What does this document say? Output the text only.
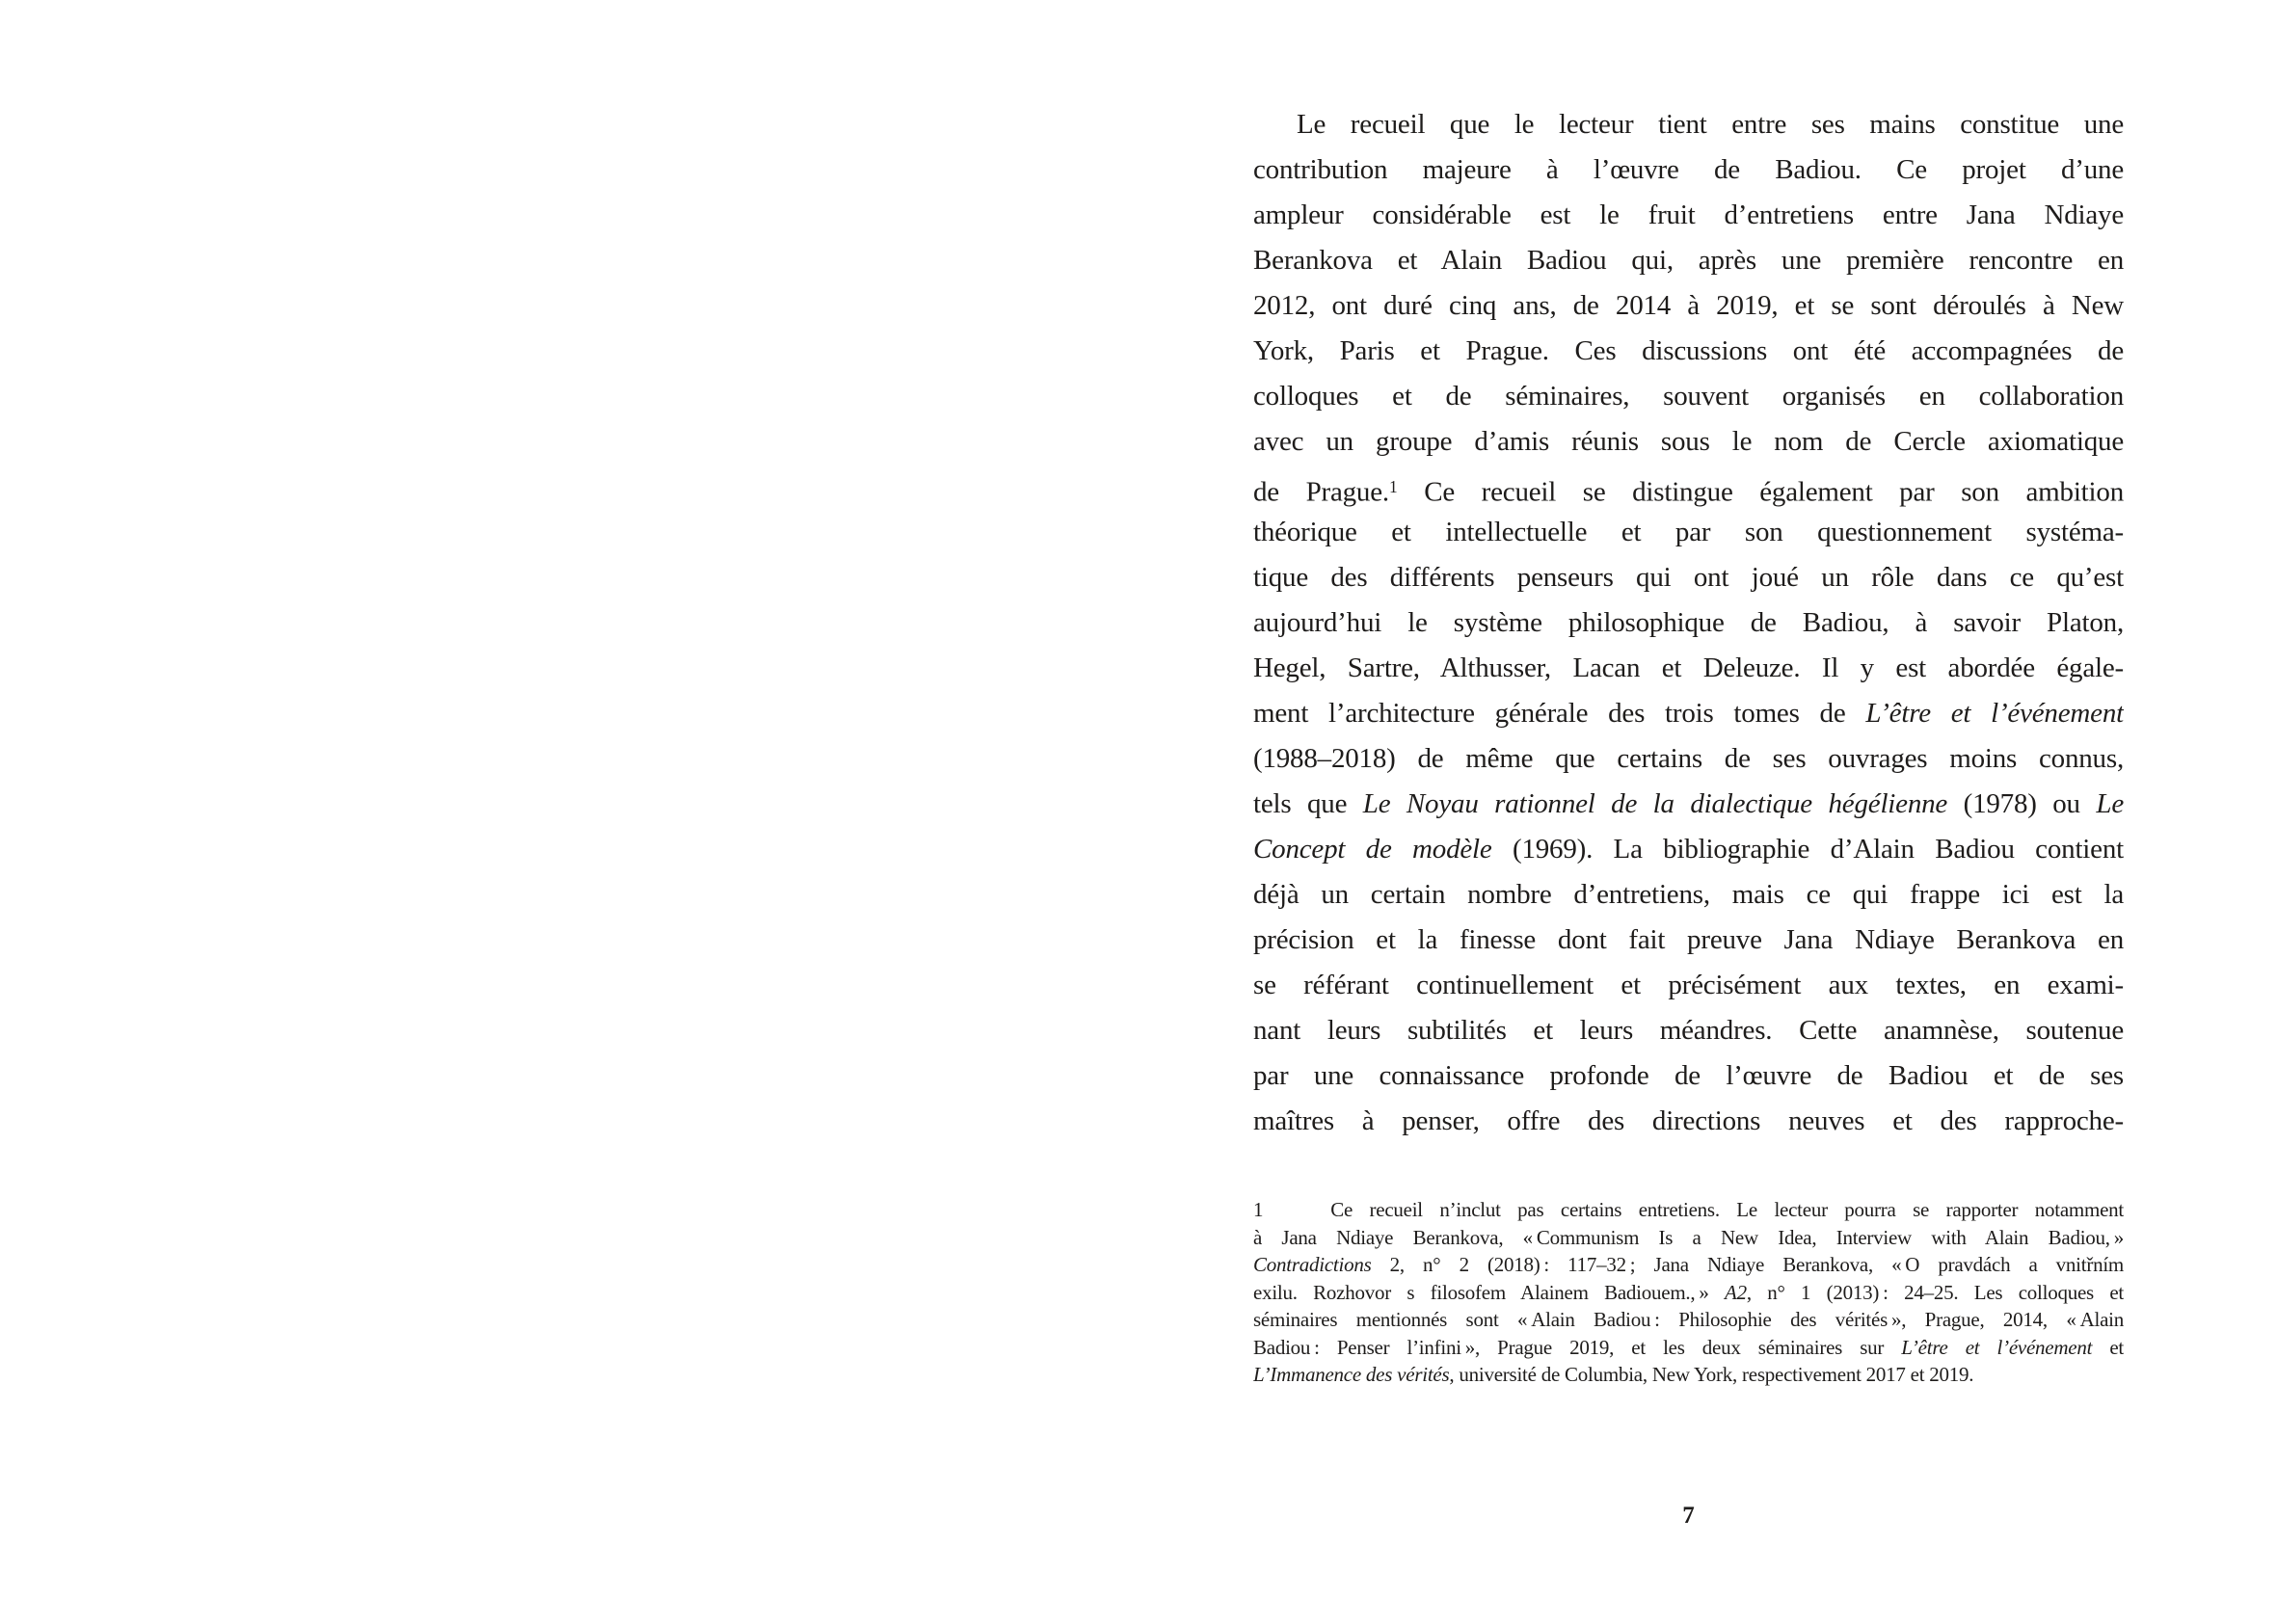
Le recueil que le lecteur tient entre ses mains constitue une
contribution majeure à l’œuvre de Badiou. Ce projet d’une
ampleur considérable est le fruit d’entretiens entre Jana Ndiaye
Berankova et Alain Badiou qui, après une première rencontre en
2012, ont duré cinq ans, de 2014 à 2019, et se sont déroulés à New
York, Paris et Prague. Ces discussions ont été accompagnées de
colloques et de séminaires, souvent organisés en collaboration
avec un groupe d’amis réunis sous le nom de Cercle axiomatique
de Prague.$^1$ Ce recueil se distingue également par son ambition
théorique et intellectuelle et par son questionnement systéma-
tique des différents penseurs qui ont joué un rôle dans ce qu’est
aujourd’hui le système philosophique de Badiou, à savoir Platon,
Hegel, Sartre, Althusser, Lacan et Deleuze. Il y est abordée égale-
ment l’architecture générale des trois tomes de L’être et l’événement
(1988–2018) de même que certains de ses ouvrages moins connus,
tels que Le Noyau rationnel de la dialectique hégélienne (1978) ou Le
Concept de modèle (1969). La bibliographie d’Alain Badiou contient
déjà un certain nombre d’entretiens, mais ce qui frappe ici est la
précision et la finesse dont fait preuve Jana Ndiaye Berankova en
se référant continuellement et précisément aux textes, en exami-
nant leurs subtilités et leurs méandres. Cette anamnèse, soutenue
par une connaissance profonde de l’œuvre de Badiou et de ses
maîtres à penser, offre des directions neuves et des rapproche-
1    Ce recueil n’inclut pas certains entretiens. Le lecteur pourra se rapporter notamment
à Jana Ndiaye Berankova, « Communism Is a New Idea, Interview with Alain Badiou, »
Contradictions 2, n° 2 (2018) : 117–32 ; Jana Ndiaye Berankova, « O pravdách a vnitřním
exilu. Rozhovor s filosofem Alainem Badiouem., » A2, n° 1 (2013) : 24–25. Les colloques et
séminaires mentionnés sont « Alain Badiou : Philosophie des vérités », Prague, 2014, « Alain
Badiou : Penser l’infini », Prague 2019, et les deux séminaires sur L’être et l’événement et
L’Immanence des vérités, université de Columbia, New York, respectivement 2017 et 2019.
7
